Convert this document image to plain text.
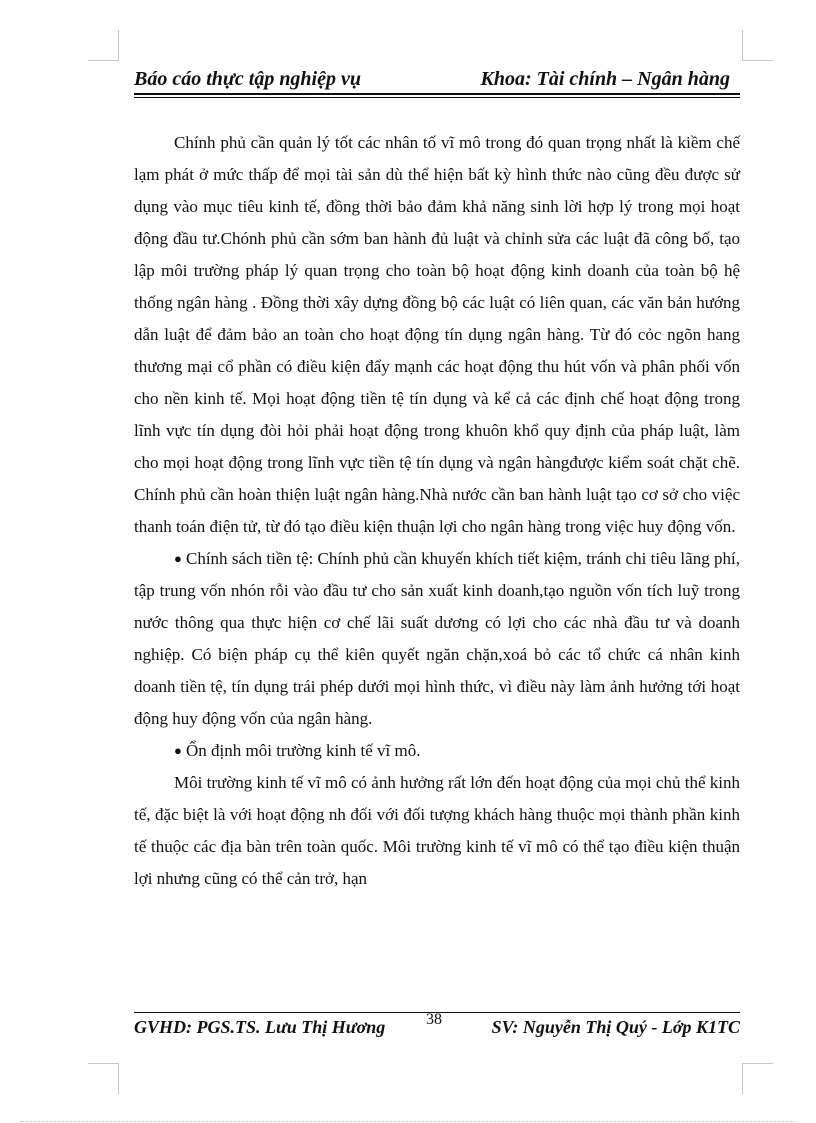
Báo cáo thực tập nghiệp vụ	Khoa: Tài chính – Ngân hàng

Chính phủ cần quản lý tốt các nhân tố vĩ mô trong đó quan trọng nhất là kiềm chế lạm phát ở mức thấp để mọi tài sản dù thể hiện bất kỳ hình thức nào cũng đều được sử dụng vào mục tiêu kinh tế, đồng thời bảo đảm khả năng sinh lời hợp lý trong mọi hoạt động đầu tư.Chónh phủ cần sớm ban hành đủ luật và chỉnh sửa các luật đã công bố, tạo lập môi trường pháp lý quan trọng cho toàn bộ hoạt động kinh doanh của toàn bộ hệ thống ngân hàng . Đồng thời xây dựng đồng bộ các luật có liên quan, các văn bản hướng dẫn luật để đảm bảo an toàn cho hoạt động tín dụng ngân hàng. Từ đó cỏc ngõn hang thương mại cổ phần có điều kiện đẩy mạnh các hoạt động thu hút vốn và phân phối vốn cho nền kinh tế. Mọi hoạt động tiền tệ tín dụng và kể cả các định chế hoạt động trong lĩnh vực tín dụng đòi hỏi phải hoạt động trong khuôn khổ quy định của pháp luật, làm cho mọi hoạt động trong lĩnh vực tiền tệ tín dụng và ngân hàngđược kiểm soát chặt chẽ. Chính phủ cần hoàn thiện luật ngân hàng.Nhà nước cần ban hành luật tạo cơ sở cho việc thanh toán điện tử, từ đó tạo điều kiện thuận lợi cho ngân hàng trong việc huy động vốn.

● Chính sách tiền tệ: Chính phủ cần khuyến khích tiết kiệm, tránh chi tiêu lãng phí, tập trung vốn nhón rỗi vào đầu tư cho sản xuất kinh doanh,tạo nguồn vốn tích luỹ trong nước thông qua thực hiện cơ chế lãi suất dương có lợi cho các nhà đầu tư và doanh nghiệp. Có biện pháp cụ thể kiên quyết ngăn chặn,xoá bỏ các tổ chức cá nhân kinh doanh tiền tệ, tín dụng trái phép dưới mọi hình thức, vì điều này làm ảnh hưởng tới hoạt động huy động vốn của ngân hàng.

● Ổn định môi trường kinh tế vĩ mô.

Môi trường kinh tế vĩ mô có ảnh hưởng rất lớn đến hoạt động của mọi chủ thể kinh tế, đặc biệt là với hoạt động nh đối với đối tượng khách hàng thuộc mọi thành phần kinh tế thuộc các địa bàn trên toàn quốc. Môi trường kinh tế vĩ mô có thể tạo điều kiện thuận lợi nhưng cũng có thể cản trở, hạn

GVHD: PGS.TS. Lưu Thị Hương	38	SV: Nguyễn Thị Quý - Lớp K1TC
